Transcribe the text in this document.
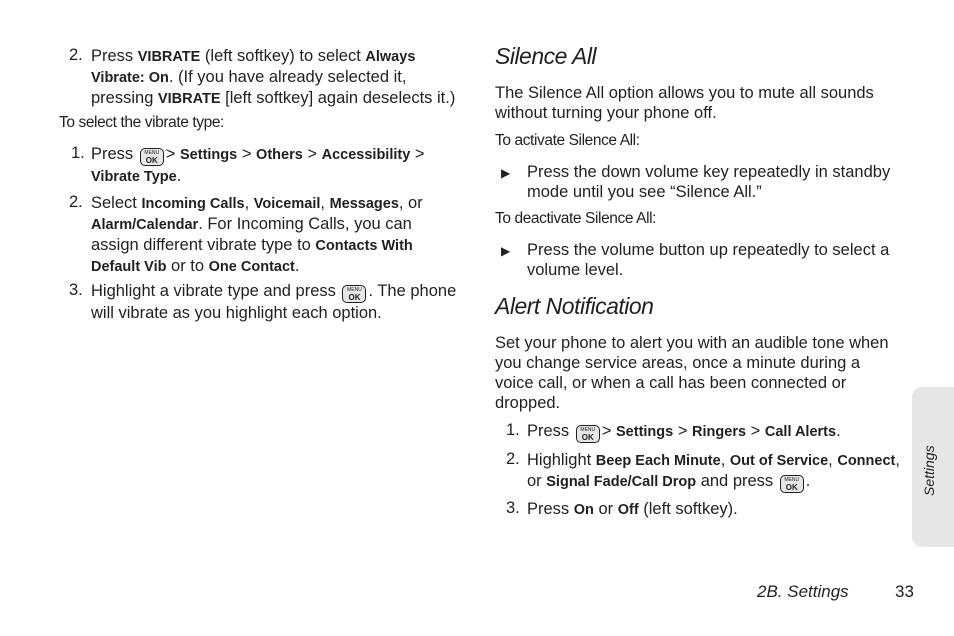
2. Press VIBRATE (left softkey) to select Always
Vibrate: On. (If you have already selected it,
pressing VIBRATE [left softkey] again deselects it.)
To select the vibrate type:
1. Press	MENU
OK > Settings > Others > Accessibility >
Vibrate Type.
2. Select Incoming Calls, Voicemail, Messages, or
Alarm/Calendar. For Incoming Calls, you can
assign different vibrate type to Contacts With
Default Vib or to One Contact.
3. Highlight a vibrate type and press	MENU
OK . The phone
will vibrate as you highlight each option.
Silence All
The Silence All option allows you to mute all sounds
without turning your phone off.
To activate Silence All:
▶ Press the down volume key repeatedly in standby
mode until you see “Silence All.”
To deactivate Silence All:
▶ Press the volume button up repeatedly to select a
volume level.
Alert Notification
Set your phone to alert you with an audible tone when
you change service areas, once a minute during a
voice call, or when a call has been connected or
dropped.
1. Press	MENU
OK > Settings > Ringers > Call Alerts.
2. Highlight Beep Each Minute, Out of Service, Connect,
or Signal Fade/Call Drop and press	MENU
OK .
3. Press On or Off (left softkey).
Settings
2B. Settings	33
